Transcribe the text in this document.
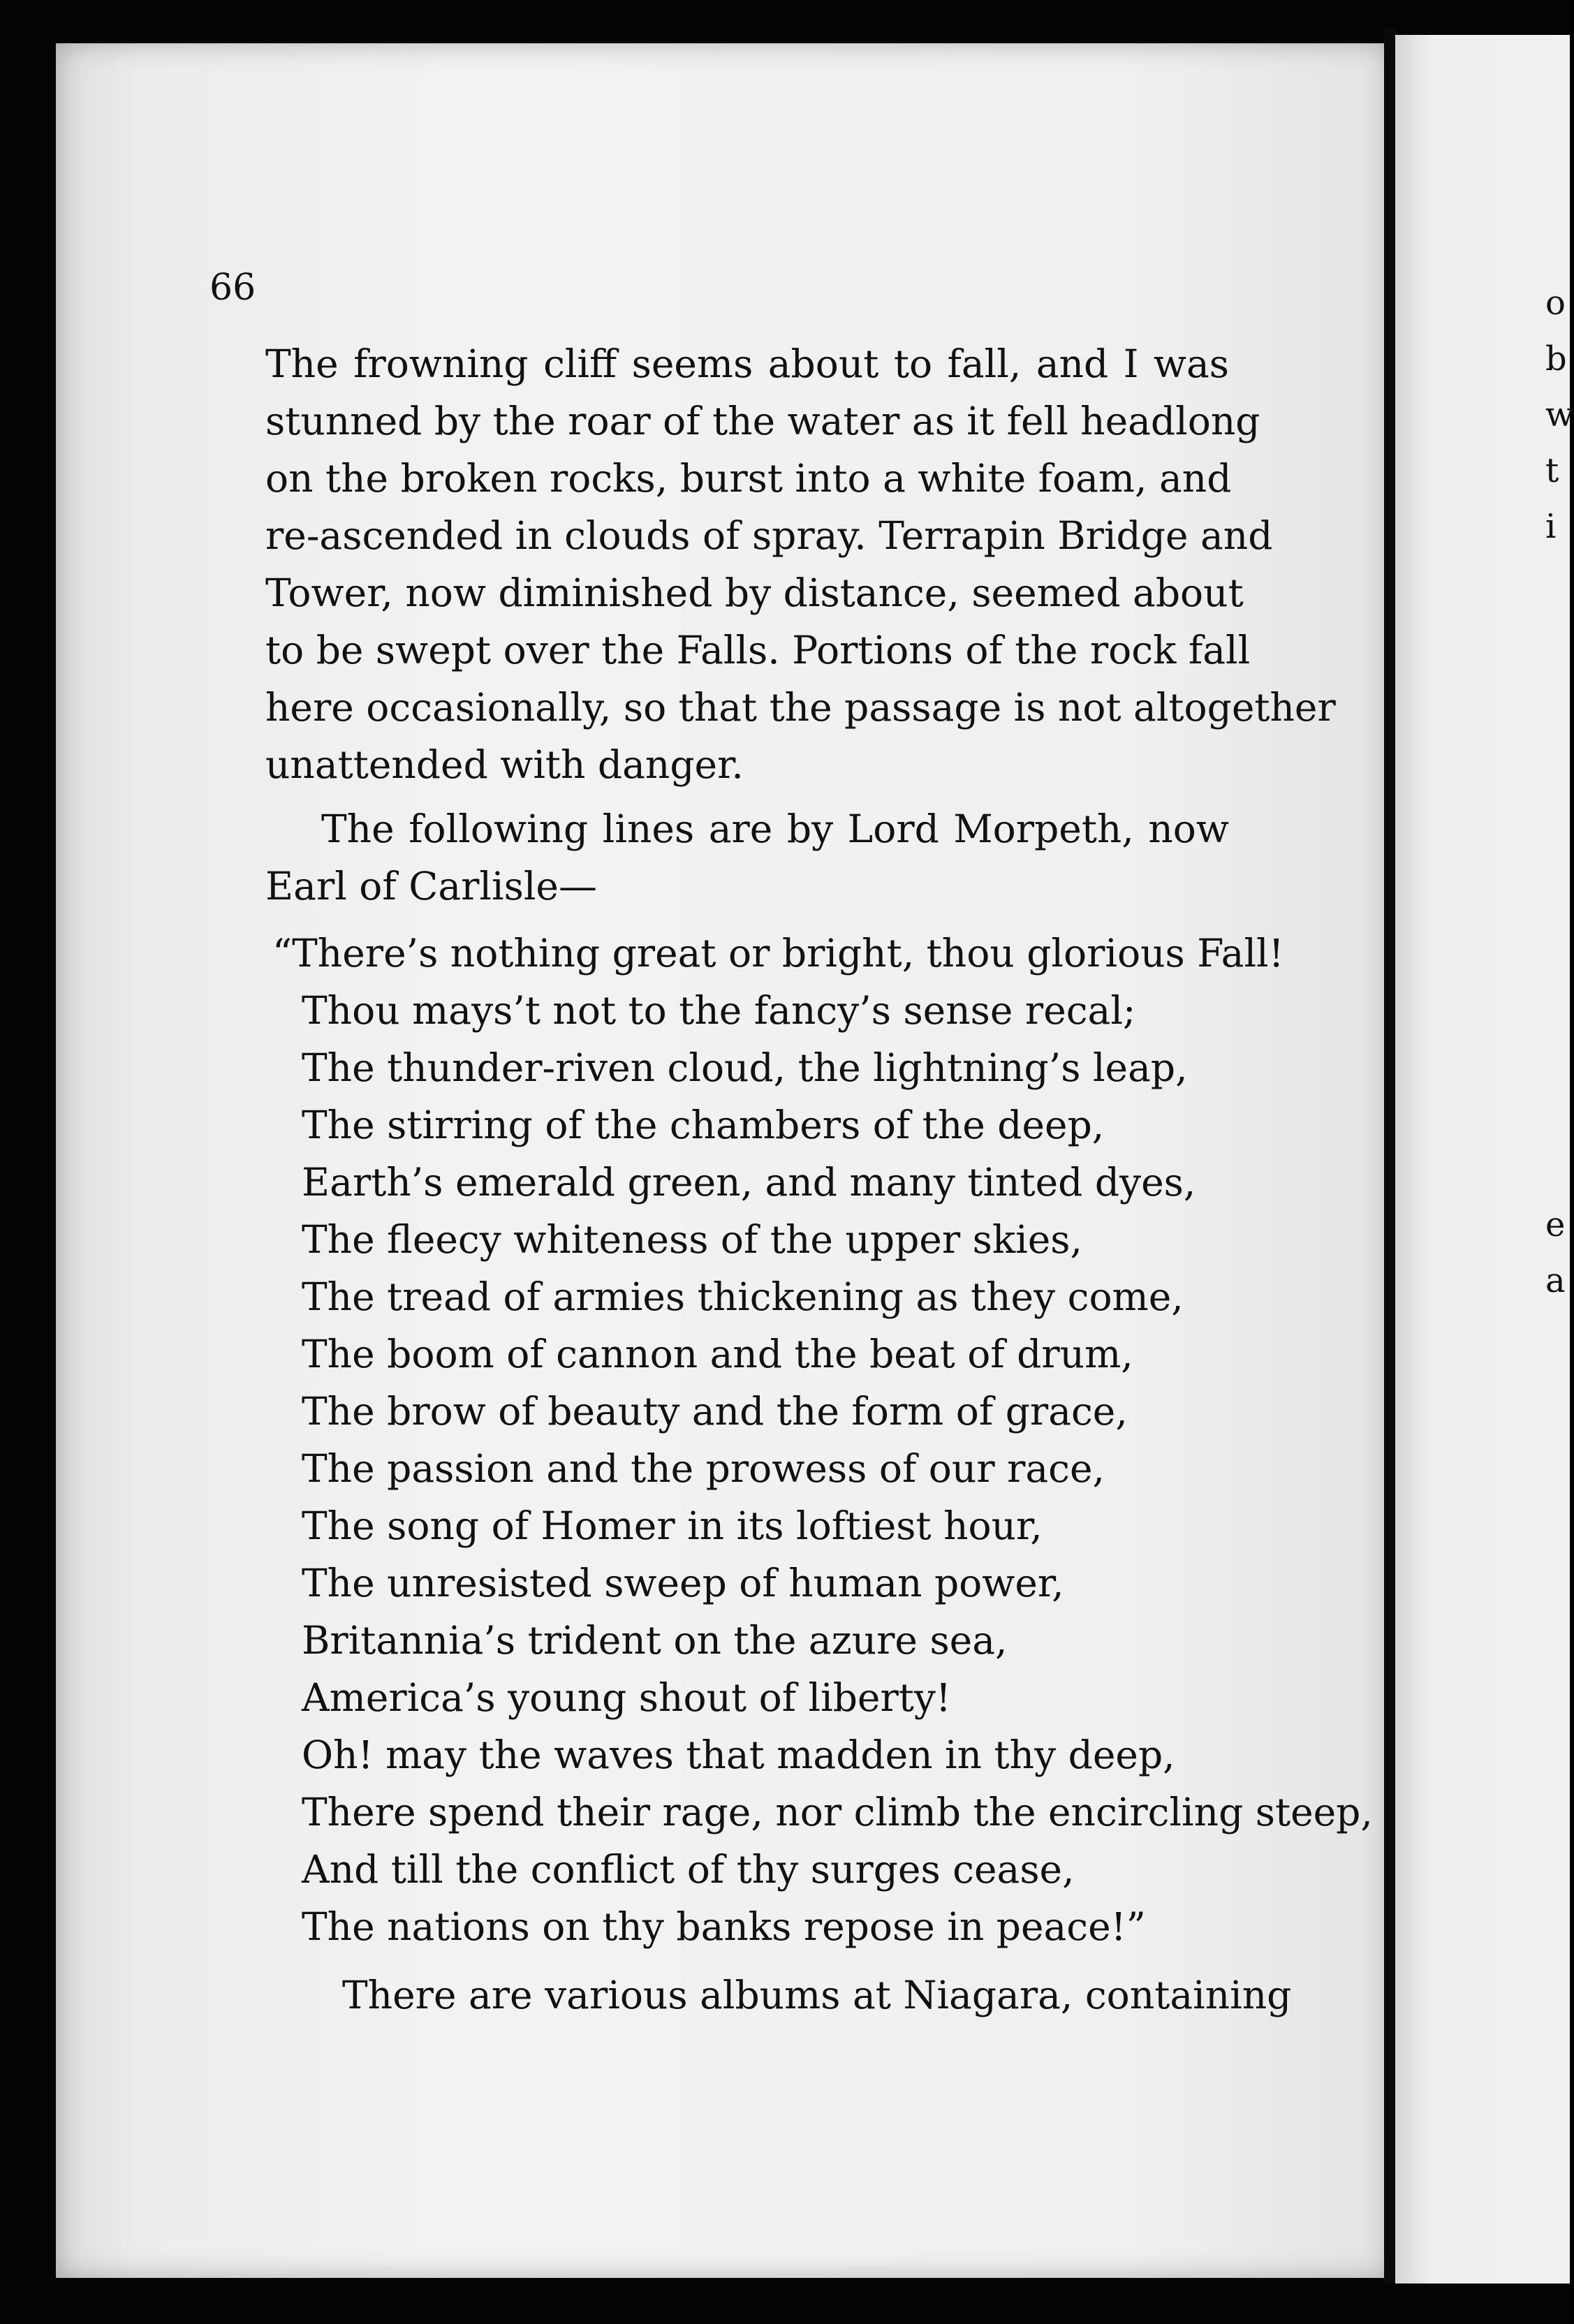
o
b
w
t
i
e
a
66

The frowning cliff seems about to fall, and I was
stunned by the roar of the water as it fell headlong
on the broken rocks, burst into a white foam, and
re-ascended in clouds of spray. Terrapin Bridge and
Tower, now diminished by distance, seemed about
to be swept over the Falls. Portions of the rock fall
here occasionally, so that the passage is not altogether
unattended with danger.

The following lines are by Lord Morpeth, now
Earl of Carlisle—

“There’s nothing great or bright, thou glorious Fall!
Thou mays’t not to the fancy’s sense recal;
The thunder-riven cloud, the lightning’s leap,
The stirring of the chambers of the deep,
Earth’s emerald green, and many tinted dyes,
The fleecy whiteness of the upper skies,
The tread of armies thickening as they come,
The boom of cannon and the beat of drum,
The brow of beauty and the form of grace,
The passion and the prowess of our race,
The song of Homer in its loftiest hour,
The unresisted sweep of human power,
Britannia’s trident on the azure sea,
America’s young shout of liberty!
Oh! may the waves that madden in thy deep,
There spend their rage, nor climb the encircling steep,
And till the conflict of thy surges cease,
The nations on thy banks repose in peace!”

There are various albums at Niagara, containing
